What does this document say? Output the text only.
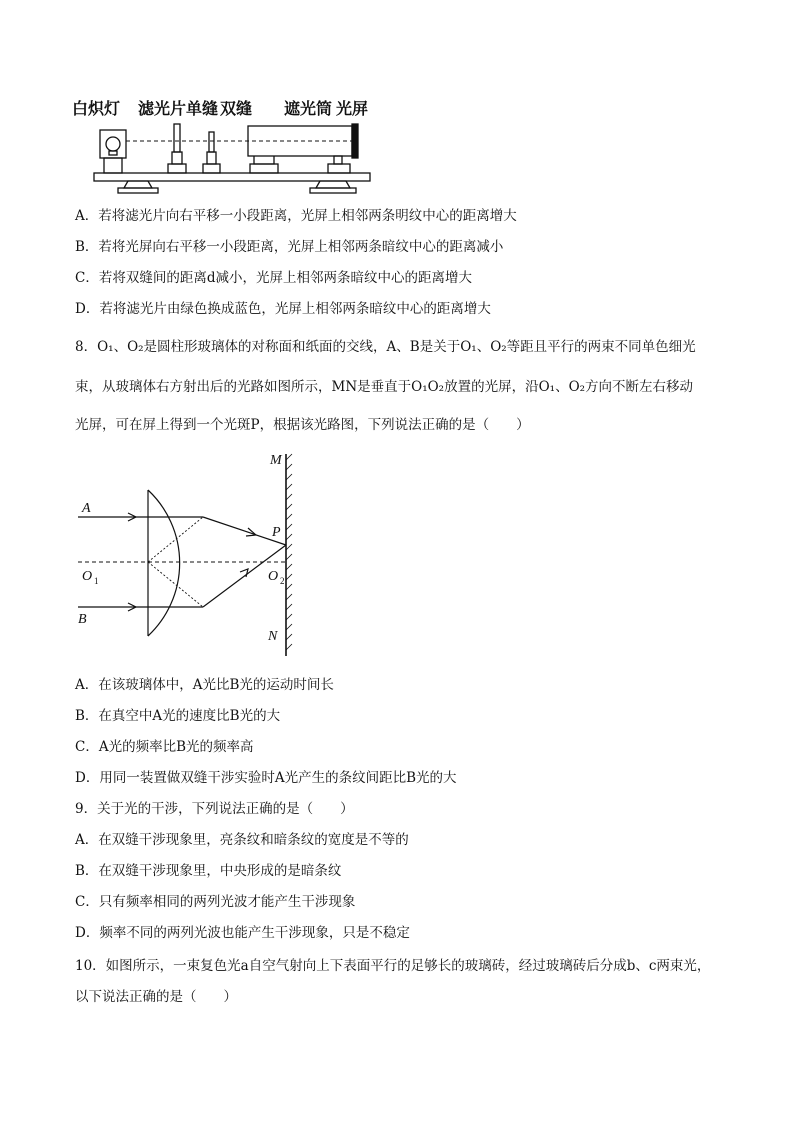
白炽灯 滤光片 单缝 双缝 遮光筒 光屏
A．若将滤光片向右平移一小段距离，光屏上相邻两条明纹中心的距离增大
B．若将光屏向右平移一小段距离，光屏上相邻两条暗纹中心的距离减小
C．若将双缝间的距离d减小，光屏上相邻两条暗纹中心的距离增大
D．若将滤光片由绿色换成蓝色，光屏上相邻两条暗纹中心的距离增大
8．O₁、O₂是圆柱形玻璃体的对称面和纸面的交线，A、B是关于O₁、O₂等距且平行的两束不同单色细光
束，从玻璃体右方射出后的光路如图所示，MN是垂直于O₁O₂放置的光屏，沿O₁、O₂方向不断左右移动
光屏，可在屏上得到一个光斑P，根据该光路图，下列说法正确的是（　　）
M
N
P
A
B
O 1	O 2
A．在该玻璃体中，A光比B光的运动时间长
B．在真空中A光的速度比B光的大
C．A光的频率比B光的频率高
D．用同一装置做双缝干涉实验时A光产生的条纹间距比B光的大
9．关于光的干涉，下列说法正确的是（　　）
A．在双缝干涉现象里，亮条纹和暗条纹的宽度是不等的
B．在双缝干涉现象里，中央形成的是暗条纹
C．只有频率相同的两列光波才能产生干涉现象
D．频率不同的两列光波也能产生干涉现象，只是不稳定
10．如图所示，一束复色光a自空气射向上下表面平行的足够长的玻璃砖，经过玻璃砖后分成b、c两束光，
以下说法正确的是（　　）
